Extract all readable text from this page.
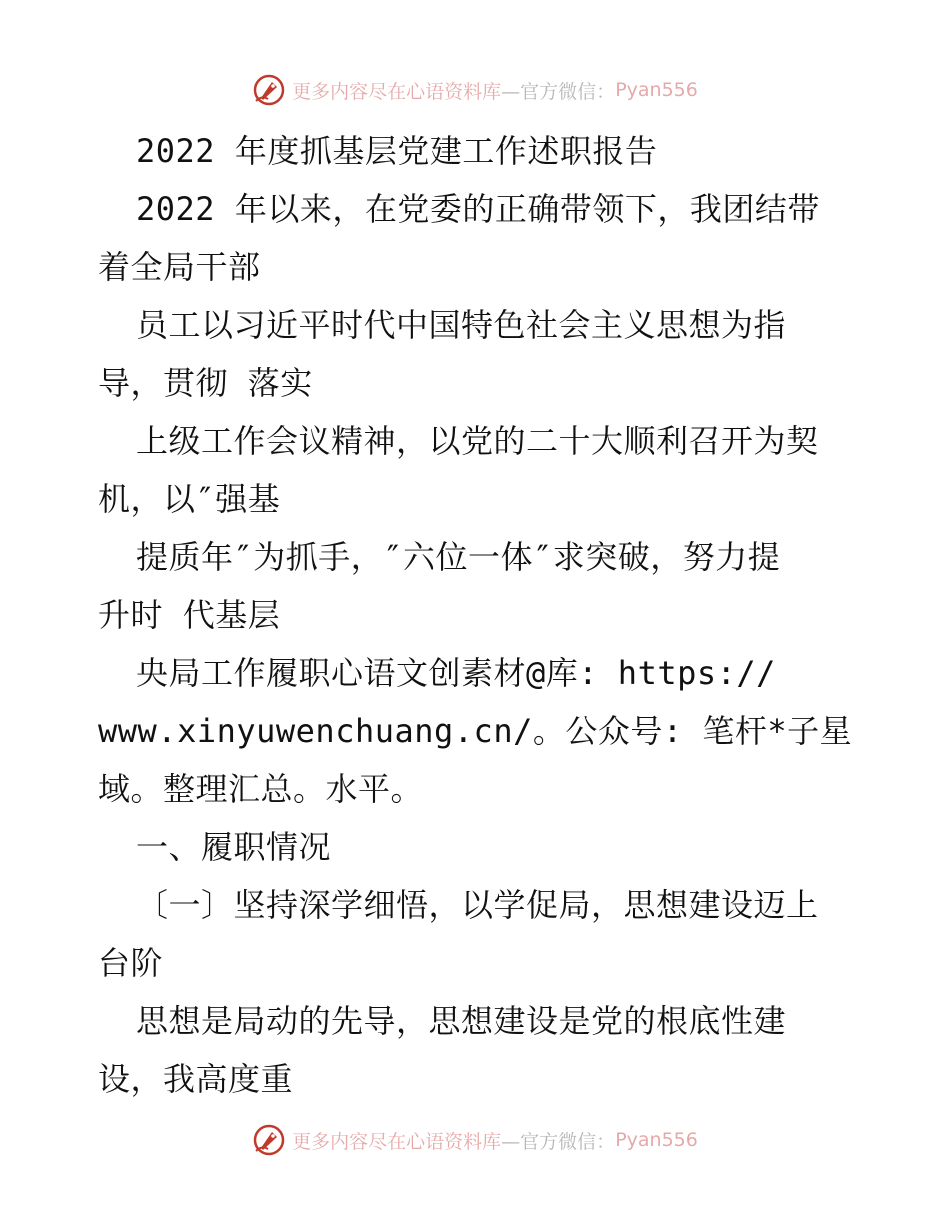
更多内容尽在心语资料库 —官方微信： Pyan556
2022 年度抓基层党建工作述职报告
2022 年以来，在党委的正确带领下，我团结带
着全局干部
员工以习近平时代中国特色社会主义思想为指
导，贯彻 落实
上级工作会议精神，以党的二十大顺利召开为契
机，以″强基
提质年″为抓手，″六位一体″求突破，努力提
升时 代基层
央局工作履职心语文创素材@库: https://
www.xinyuwenchuang.cn/。公众号: 笔杆*子星
域。整理汇总。水平。
一、履职情况
〔一〕坚持深学细悟，以学促局，思想建设迈上
台阶
思想是局动的先导，思想建设是党的根底性建
设，我高度重
更多内容尽在心语资料库 —官方微信： Pyan556
